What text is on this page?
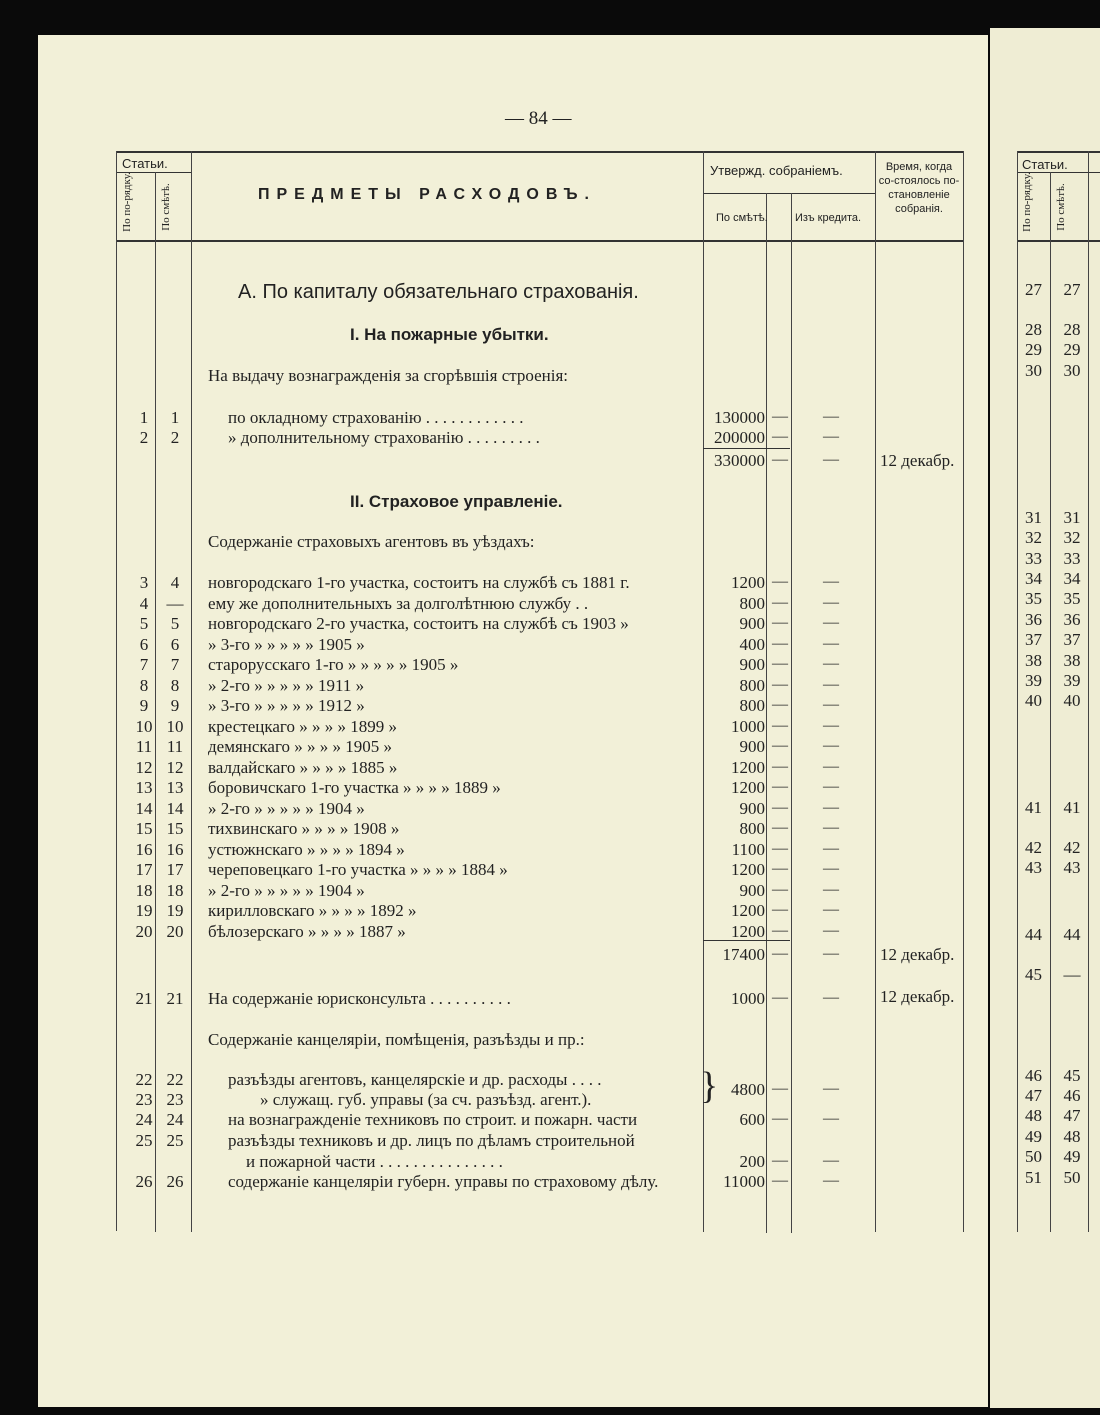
— 84 —
Статьи.
По по-рядку. По смѣтѣ.	ПРЕДМЕТЫ РАСХОДОВЪ.
Утвержд. собраніемъ.
По смѣтѣ. Изъ кредита.
Время, когда со-стоялось по-становленіе собранія.
А. По капиталу обязательнаго страхованія.
I. На пожарные убытки.
На выдачу вознагражденія за сгорѣвшія строенія:
1	1	по окладному страхованію . . . . . . . . . . . .	130000 — —
2	2	» дополнительному страхованію . . . . . . . . .	200000 — —
330000 — — 12 декабр.
II. Страховое управленіе.
Содержаніе страховыхъ агентовъ въ уѣздахъ:
3	4	новгородскаго 1-го участка, состоитъ на службѣ съ 1881 г.	1200 — —
4	—	ему же дополнительныхъ за долголѣтнюю службу . .	800 — —
5	5	новгородскаго 2-го участка, состоитъ на службѣ съ 1903 »	900 — —
6	6	» 3-го » » » » » 1905 »	400 — —
7	7	старорусскаго 1-го » » » » » 1905 »	900 — —
8	8	» 2-го » » » » » 1911 »	800 — —
9	9	» 3-го » » » » » 1912 »	800 — —
10 10	крестецкаго » » » » 1899 »	1000 — —
11 11	демянскаго » » » » 1905 »	900 — —
12 12	валдайскаго » » » » 1885 »	1200 — —
13 13	боровичскаго 1-го участка » » » » 1889 »	1200 — —
14 14	» 2-го » » » » » 1904 »	900 — —
15 15	тихвинскаго » » » » 1908 »	800 — —
16 16	устюжнскаго » » » » 1894 »	1100 — —
17 17	череповецкаго 1-го участка » » » » 1884 »	1200 — —
18 18	» 2-го » » » » » 1904 »	900 — —
19 19	кирилловскаго » » » » 1892 »	1200 — —
20 20	бѣлозерскаго » » » » 1887 »	1200 — —
17400 — — 12 декабр.
21 21	На содержаніе юрисконсульта . . . . . . . . . .	1000 — — 12 декабр.
Содержаніе канцеляріи, помѣщенія, разъѣзды и пр.:
}
22 22	разъѣзды агентовъ, канцелярскіе и др. расходы . . . .
23 23	» служащ. губ. управы (за сч. разъѣзд. агент.).
4800 — —
24 24	на вознагражденіе техниковъ по строит. и пожарн. части	600 — —
25 25	разъѣзды техниковъ и др. лицъ по дѣламъ строительной
и пожарной части . . . . . . . . . . . . . . .	200 — —
26 26	содержаніе канцеляріи губерн. управы по страховому дѣлу.	11000 — —
Статьи.
По по-рядку. По смѣтѣ.
27	27
28	28
29	29
30	30
31	31
32	32
33	33
34	34
35	35
36	36
37	37
38	38
39	39
40	40
41	41
42	42
43	43
44	44
45	—
46	45
47	46
48	47
49	48
50	49
51	50
